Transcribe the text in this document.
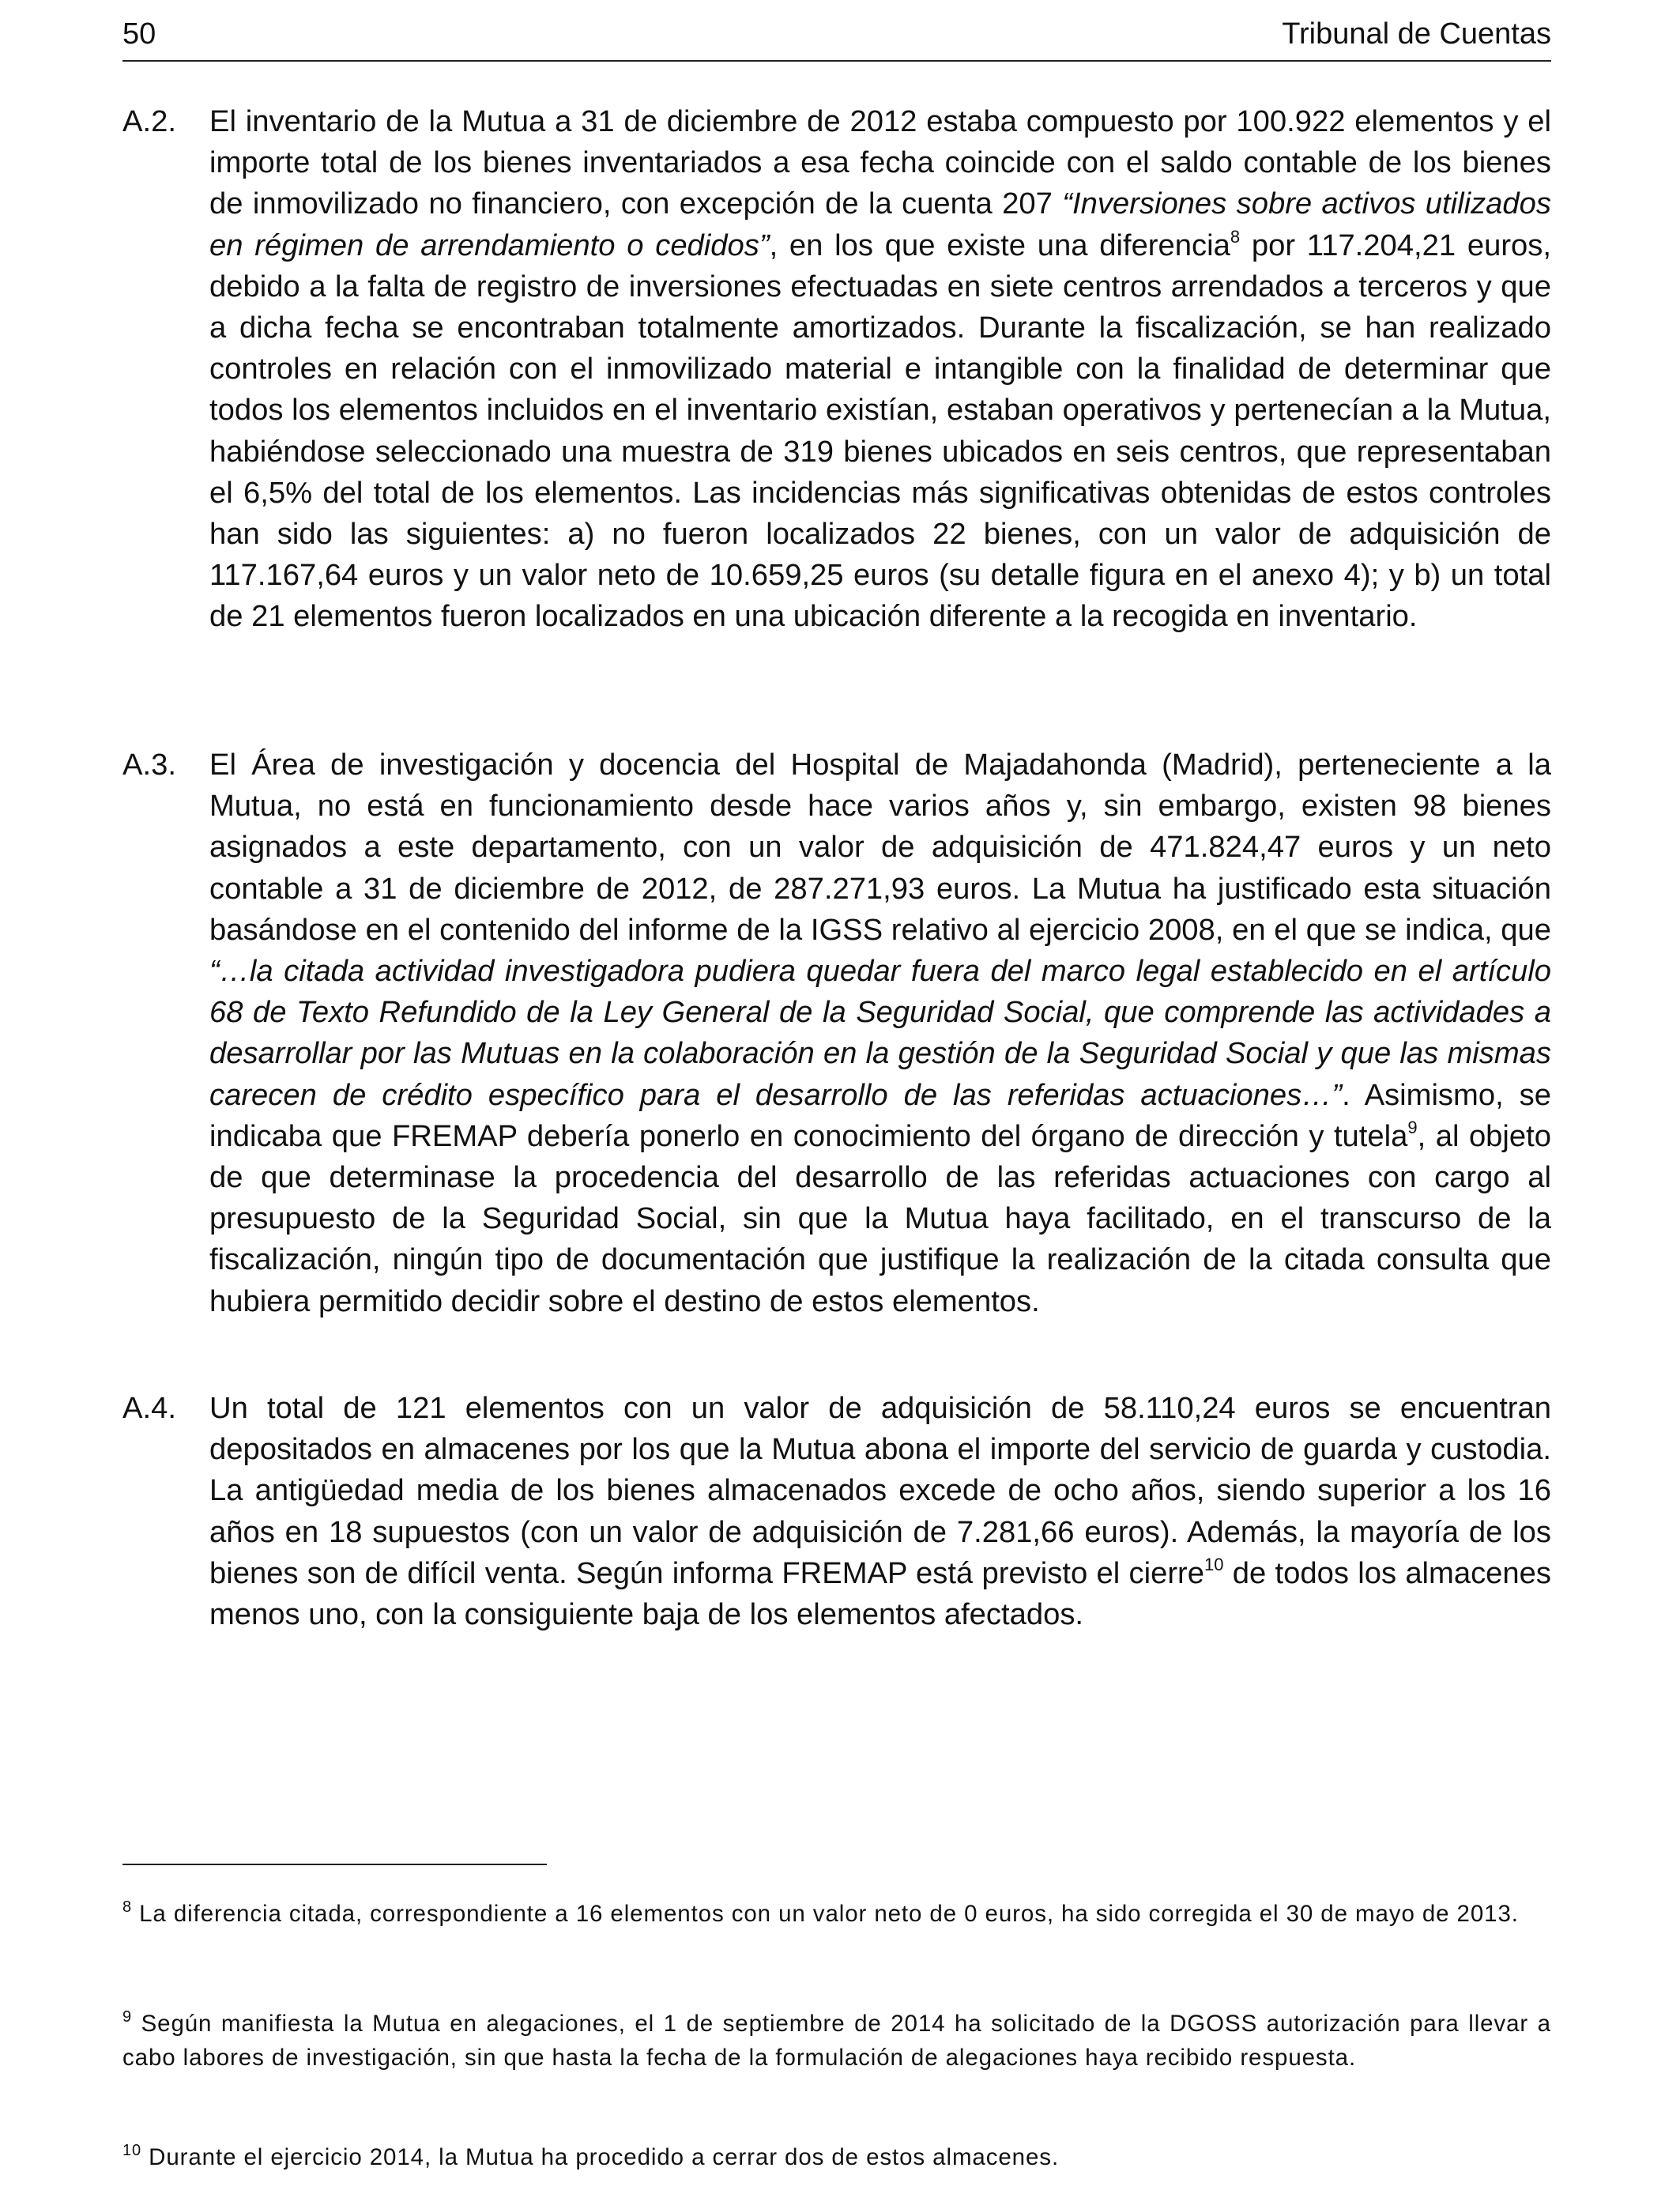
50	Tribunal de Cuentas
A.2.	El inventario de la Mutua a 31 de diciembre de 2012 estaba compuesto por 100.922 elementos y el importe total de los bienes inventariados a esa fecha coincide con el saldo contable de los bienes de inmovilizado no financiero, con excepción de la cuenta 207 “Inversiones sobre activos utilizados en régimen de arrendamiento o cedidos”, en los que existe una diferencia$^8$ por 117.204,21 euros, debido a la falta de registro de inversiones efectuadas en siete centros arrendados a terceros y que a dicha fecha se encontraban totalmente amortizados. Durante la fiscalización, se han realizado controles en relación con el inmovilizado material e intangible con la finalidad de determinar que todos los elementos incluidos en el inventario existían, estaban operativos y pertenecían a la Mutua, habiéndose seleccionado una muestra de 319 bienes ubicados en seis centros, que representaban el 6,5% del total de los elementos. Las incidencias más significativas obtenidas de estos controles han sido las siguientes: a) no fueron localizados 22 bienes, con un valor de adquisición de 117.167,64 euros y un valor neto de 10.659,25 euros (su detalle figura en el anexo 4); y b) un total de 21 elementos fueron localizados en una ubicación diferente a la recogida en inventario.
A.3.	El Área de investigación y docencia del Hospital de Majadahonda (Madrid), perteneciente a la Mutua, no está en funcionamiento desde hace varios años y, sin embargo, existen 98 bienes asignados a este departamento, con un valor de adquisición de 471.824,47 euros y un neto contable a 31 de diciembre de 2012, de 287.271,93 euros. La Mutua ha justificado esta situación basándose en el contenido del informe de la IGSS relativo al ejercicio 2008, en el que se indica, que “…la citada actividad investigadora pudiera quedar fuera del marco legal establecido en el artículo 68 de Texto Refundido de la Ley General de la Seguridad Social, que comprende las actividades a desarrollar por las Mutuas en la colaboración en la gestión de la Seguridad Social y que las mismas carecen de crédito específico para el desarrollo de las referidas actuaciones…”. Asimismo, se indicaba que FREMAP debería ponerlo en conocimiento del órgano de dirección y tutela$^9$, al objeto de que determinase la procedencia del desarrollo de las referidas actuaciones con cargo al presupuesto de la Seguridad Social, sin que la Mutua haya facilitado, en el transcurso de la fiscalización, ningún tipo de documentación que justifique la realización de la citada consulta que hubiera permitido decidir sobre el destino de estos elementos.
A.4.	Un total de 121 elementos con un valor de adquisición de 58.110,24 euros se encuentran depositados en almacenes por los que la Mutua abona el importe del servicio de guarda y custodia. La antigüedad media de los bienes almacenados excede de ocho años, siendo superior a los 16 años en 18 supuestos (con un valor de adquisición de 7.281,66 euros). Además, la mayoría de los bienes son de difícil venta. Según informa FREMAP está previsto el cierre$^{10}$ de todos los almacenes menos uno, con la consiguiente baja de los elementos afectados.
$^8$ La diferencia citada, correspondiente a 16 elementos con un valor neto de 0 euros, ha sido corregida el 30 de mayo de 2013.
$^9$ Según manifiesta la Mutua en alegaciones, el 1 de septiembre de 2014 ha solicitado de la DGOSS autorización para llevar a cabo labores de investigación, sin que hasta la fecha de la formulación de alegaciones haya recibido respuesta.
$^{10}$ Durante el ejercicio 2014, la Mutua ha procedido a cerrar dos de estos almacenes.
